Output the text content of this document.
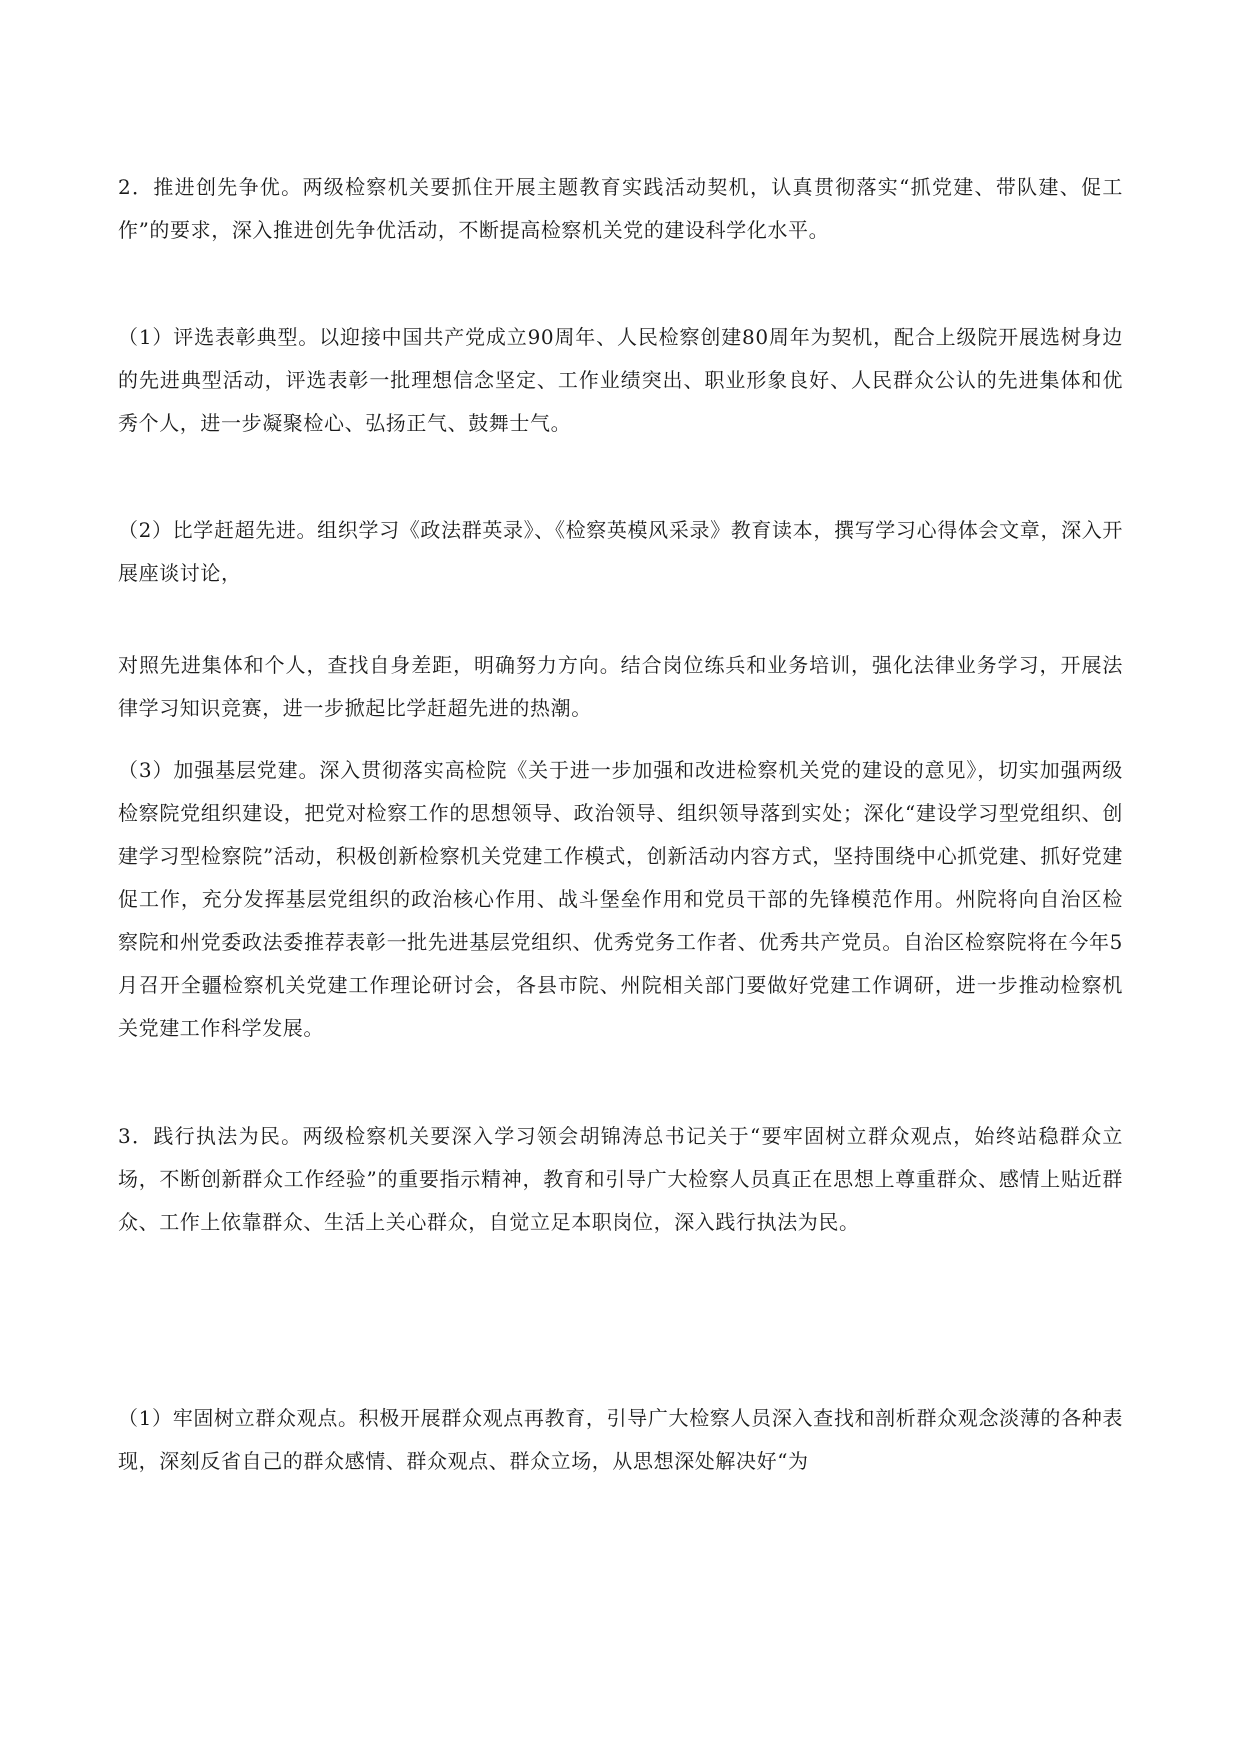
2．推进创先争优。两级检察机关要抓住开展主题教育实践活动契机，认真贯彻落实“抓党建、带队建、促工作”的要求，深入推进创先争优活动，不断提高检察机关党的建设科学化水平。

（1）评选表彰典型。以迎接中国共产党成立90周年、人民检察创建80周年为契机，配合上级院开展选树身边的先进典型活动，评选表彰一批理想信念坚定、工作业绩突出、职业形象良好、人民群众公认的先进集体和优秀个人，进一步凝聚检心、弘扬正气、鼓舞士气。

（2）比学赶超先进。组织学习《政法群英录》、《检察英模风采录》教育读本，撰写学习心得体会文章，深入开展座谈讨论，

对照先进集体和个人，查找自身差距，明确努力方向。结合岗位练兵和业务培训，强化法律业务学习，开展法律学习知识竞赛，进一步掀起比学赶超先进的热潮。

（3）加强基层党建。深入贯彻落实高检院《关于进一步加强和改进检察机关党的建设的意见》，切实加强两级检察院党组织建设，把党对检察工作的思想领导、政治领导、组织领导落到实处；深化“建设学习型党组织、创建学习型检察院”活动，积极创新检察机关党建工作模式，创新活动内容方式，坚持围绕中心抓党建、抓好党建促工作，充分发挥基层党组织的政治核心作用、战斗堡垒作用和党员干部的先锋模范作用。州院将向自治区检察院和州党委政法委推荐表彰一批先进基层党组织、优秀党务工作者、优秀共产党员。自治区检察院将在今年5月召开全疆检察机关党建工作理论研讨会，各县市院、州院相关部门要做好党建工作调研，进一步推动检察机关党建工作科学发展。

3．践行执法为民。两级检察机关要深入学习领会胡锦涛总书记关于“要牢固树立群众观点，始终站稳群众立场，不断创新群众工作经验”的重要指示精神，教育和引导广大检察人员真正在思想上尊重群众、感情上贴近群众、工作上依靠群众、生活上关心群众，自觉立足本职岗位，深入践行执法为民。

（1）牢固树立群众观点。积极开展群众观点再教育，引导广大检察人员深入查找和剖析群众观念淡薄的各种表现，深刻反省自己的群众感情、群众观点、群众立场，从思想深处解决好“为
